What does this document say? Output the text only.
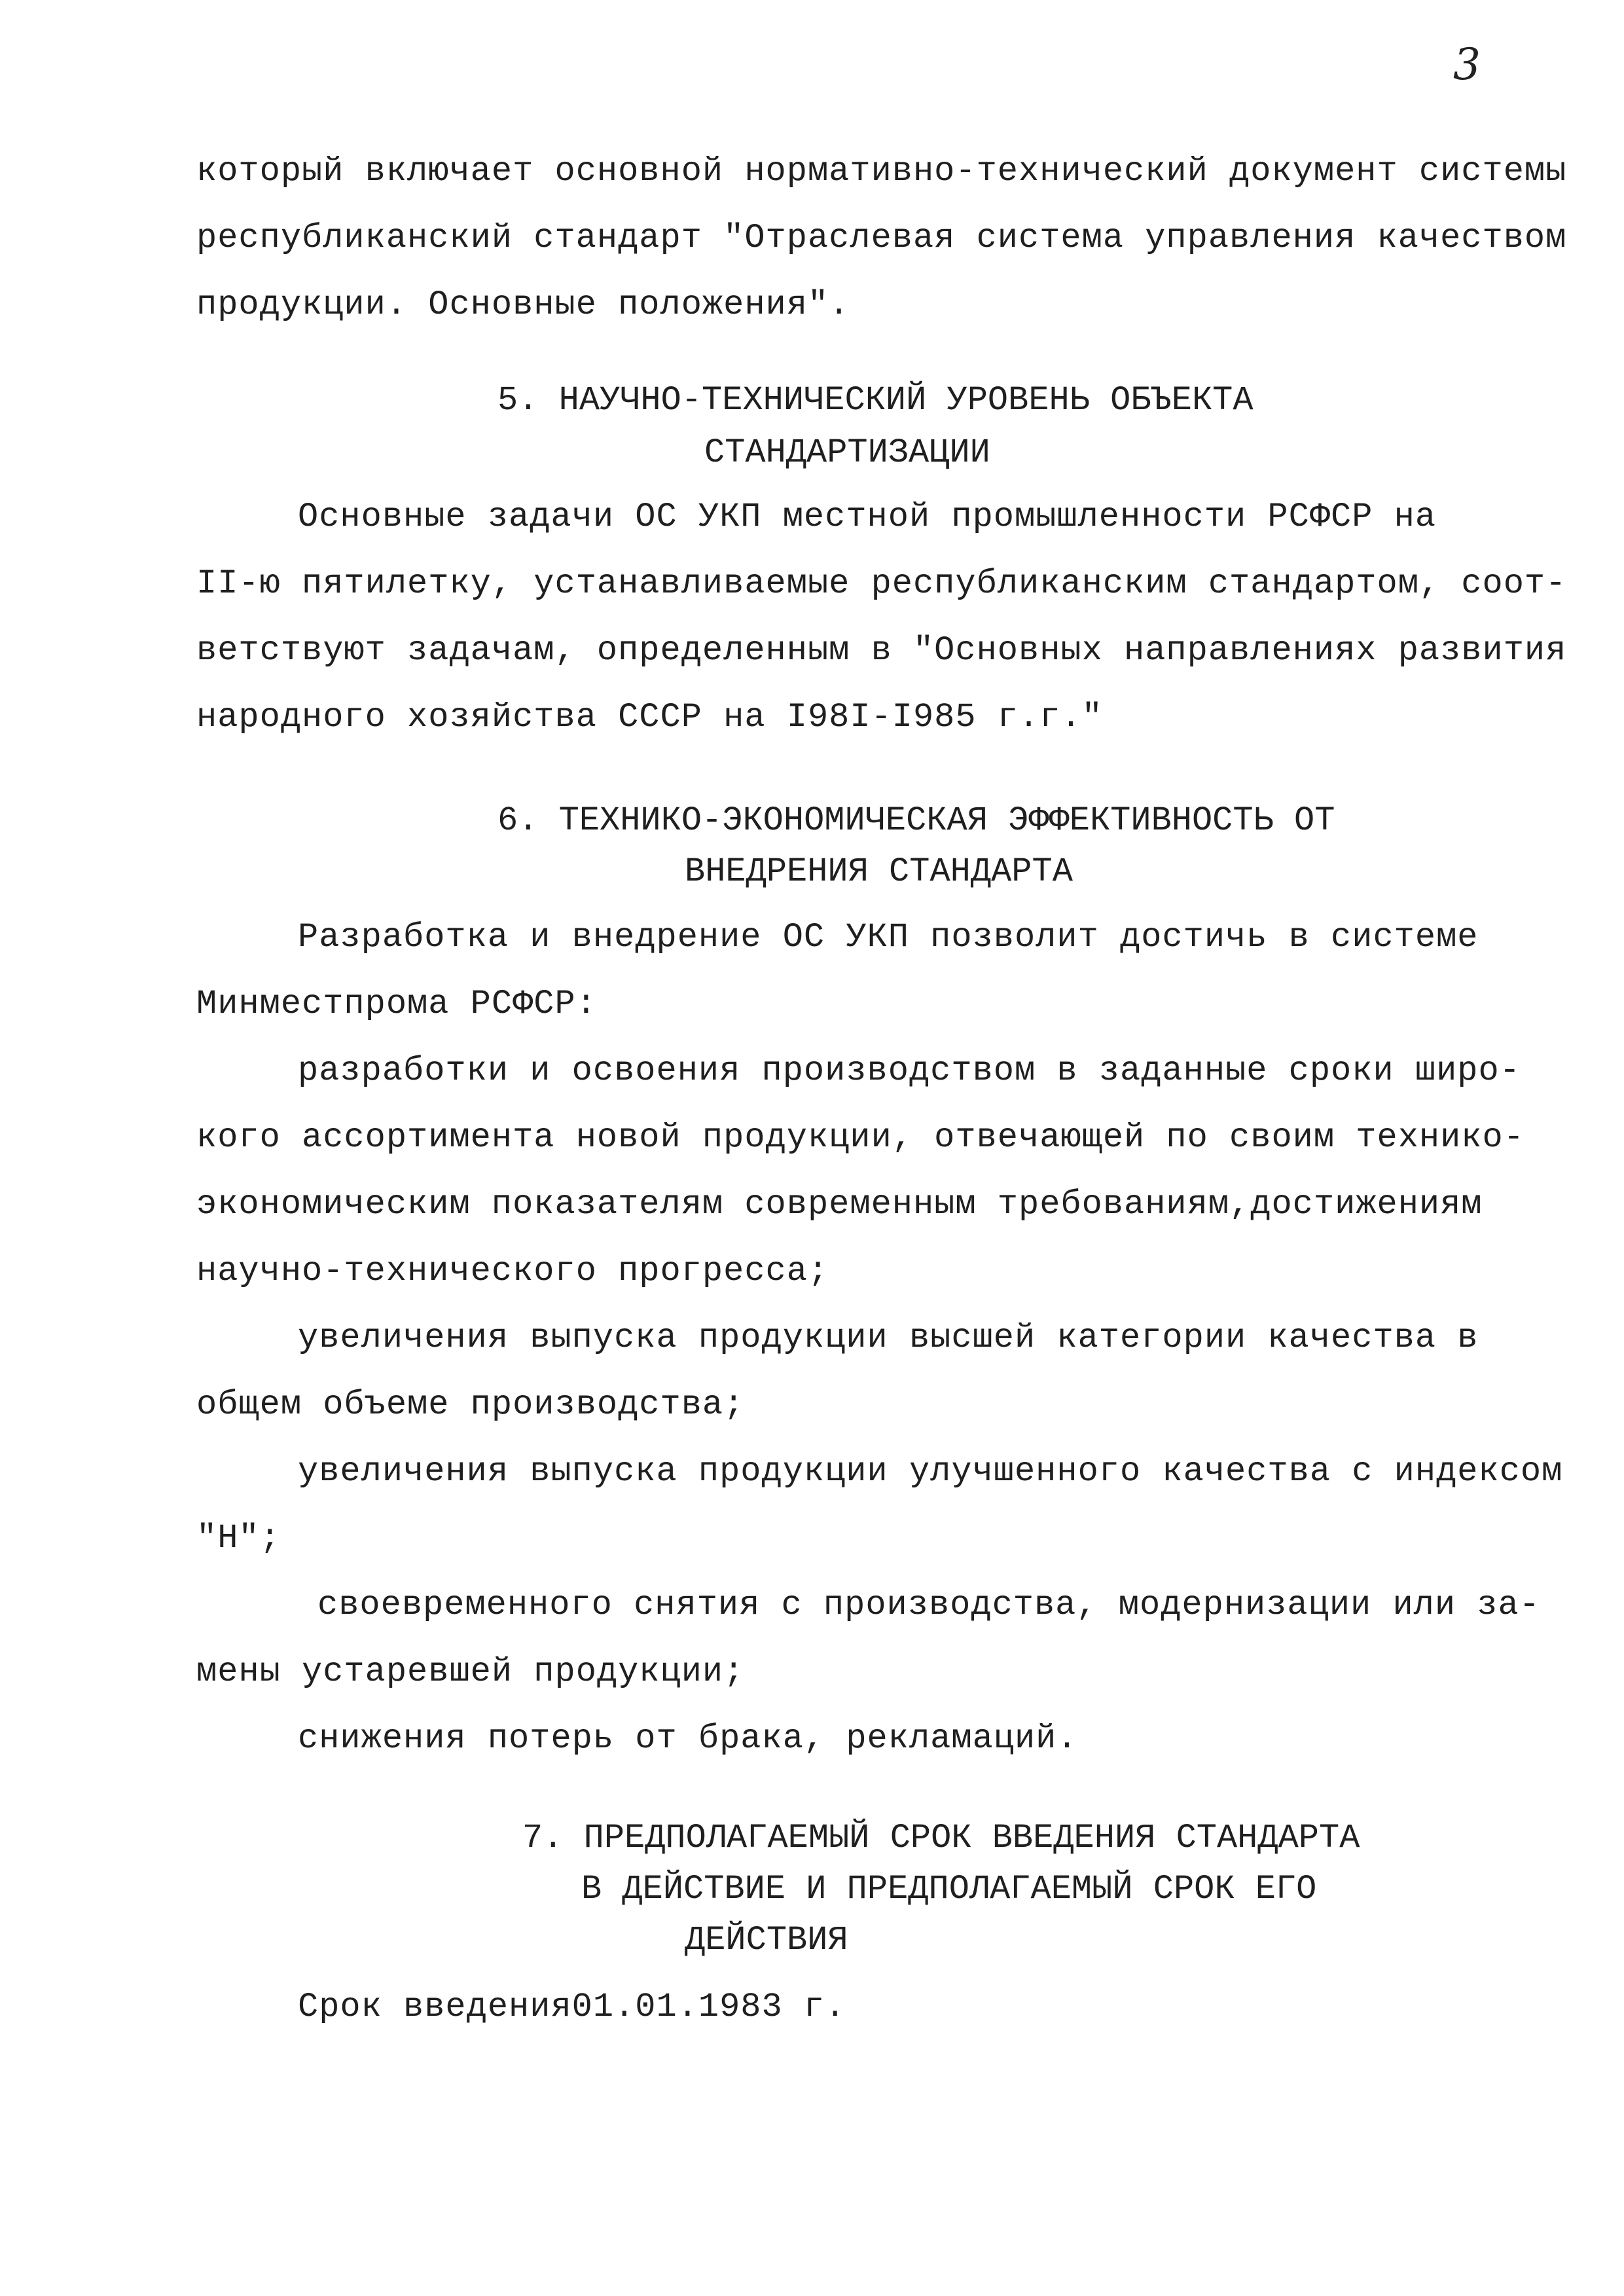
3
который включает основной нормативно-технический документ системы
республиканский стандарт "Отраслевая система управления качеством
продукции. Основные положения".
5. НАУЧНО-ТЕХНИЧЕСКИЙ УРОВЕНЬ ОБЪЕКТА
СТАНДАРТИЗАЦИИ
Основные задачи ОС УКП местной промышленности РСФСР на
II-ю пятилетку, устанавливаемые республиканским стандартом, соот-
ветствуют задачам, определенным в "Основных направлениях развития
народного хозяйства СССР на I98I-I985 г.г."
6. ТЕХНИКО-ЭКОНОМИЧЕСКАЯ ЭФФЕКТИВНОСТЬ ОТ
ВНЕДРЕНИЯ СТАНДАРТА
Разработка и внедрение ОС УКП позволит достичь в системе
Минместпрома РСФСР:
разработки и освоения производством в заданные сроки широ-
кого ассортимента новой продукции, отвечающей по своим технико-
экономическим показателям современным требованиям,достижениям
научно-технического прогресса;
увеличения выпуска продукции высшей категории качества в
общем объеме производства;
увеличения выпуска продукции улучшенного качества с индексом
"Н";
своевременного снятия с производства, модернизации или за-
мены устаревшей продукции;
снижения потерь от брака, рекламаций.
7. ПРЕДПОЛАГАЕМЫЙ СРОК ВВЕДЕНИЯ СТАНДАРТА
В ДЕЙСТВИЕ И ПРЕДПОЛАГАЕМЫЙ СРОК ЕГО
ДЕЙСТВИЯ
Срок введения01.01.1983 г.
